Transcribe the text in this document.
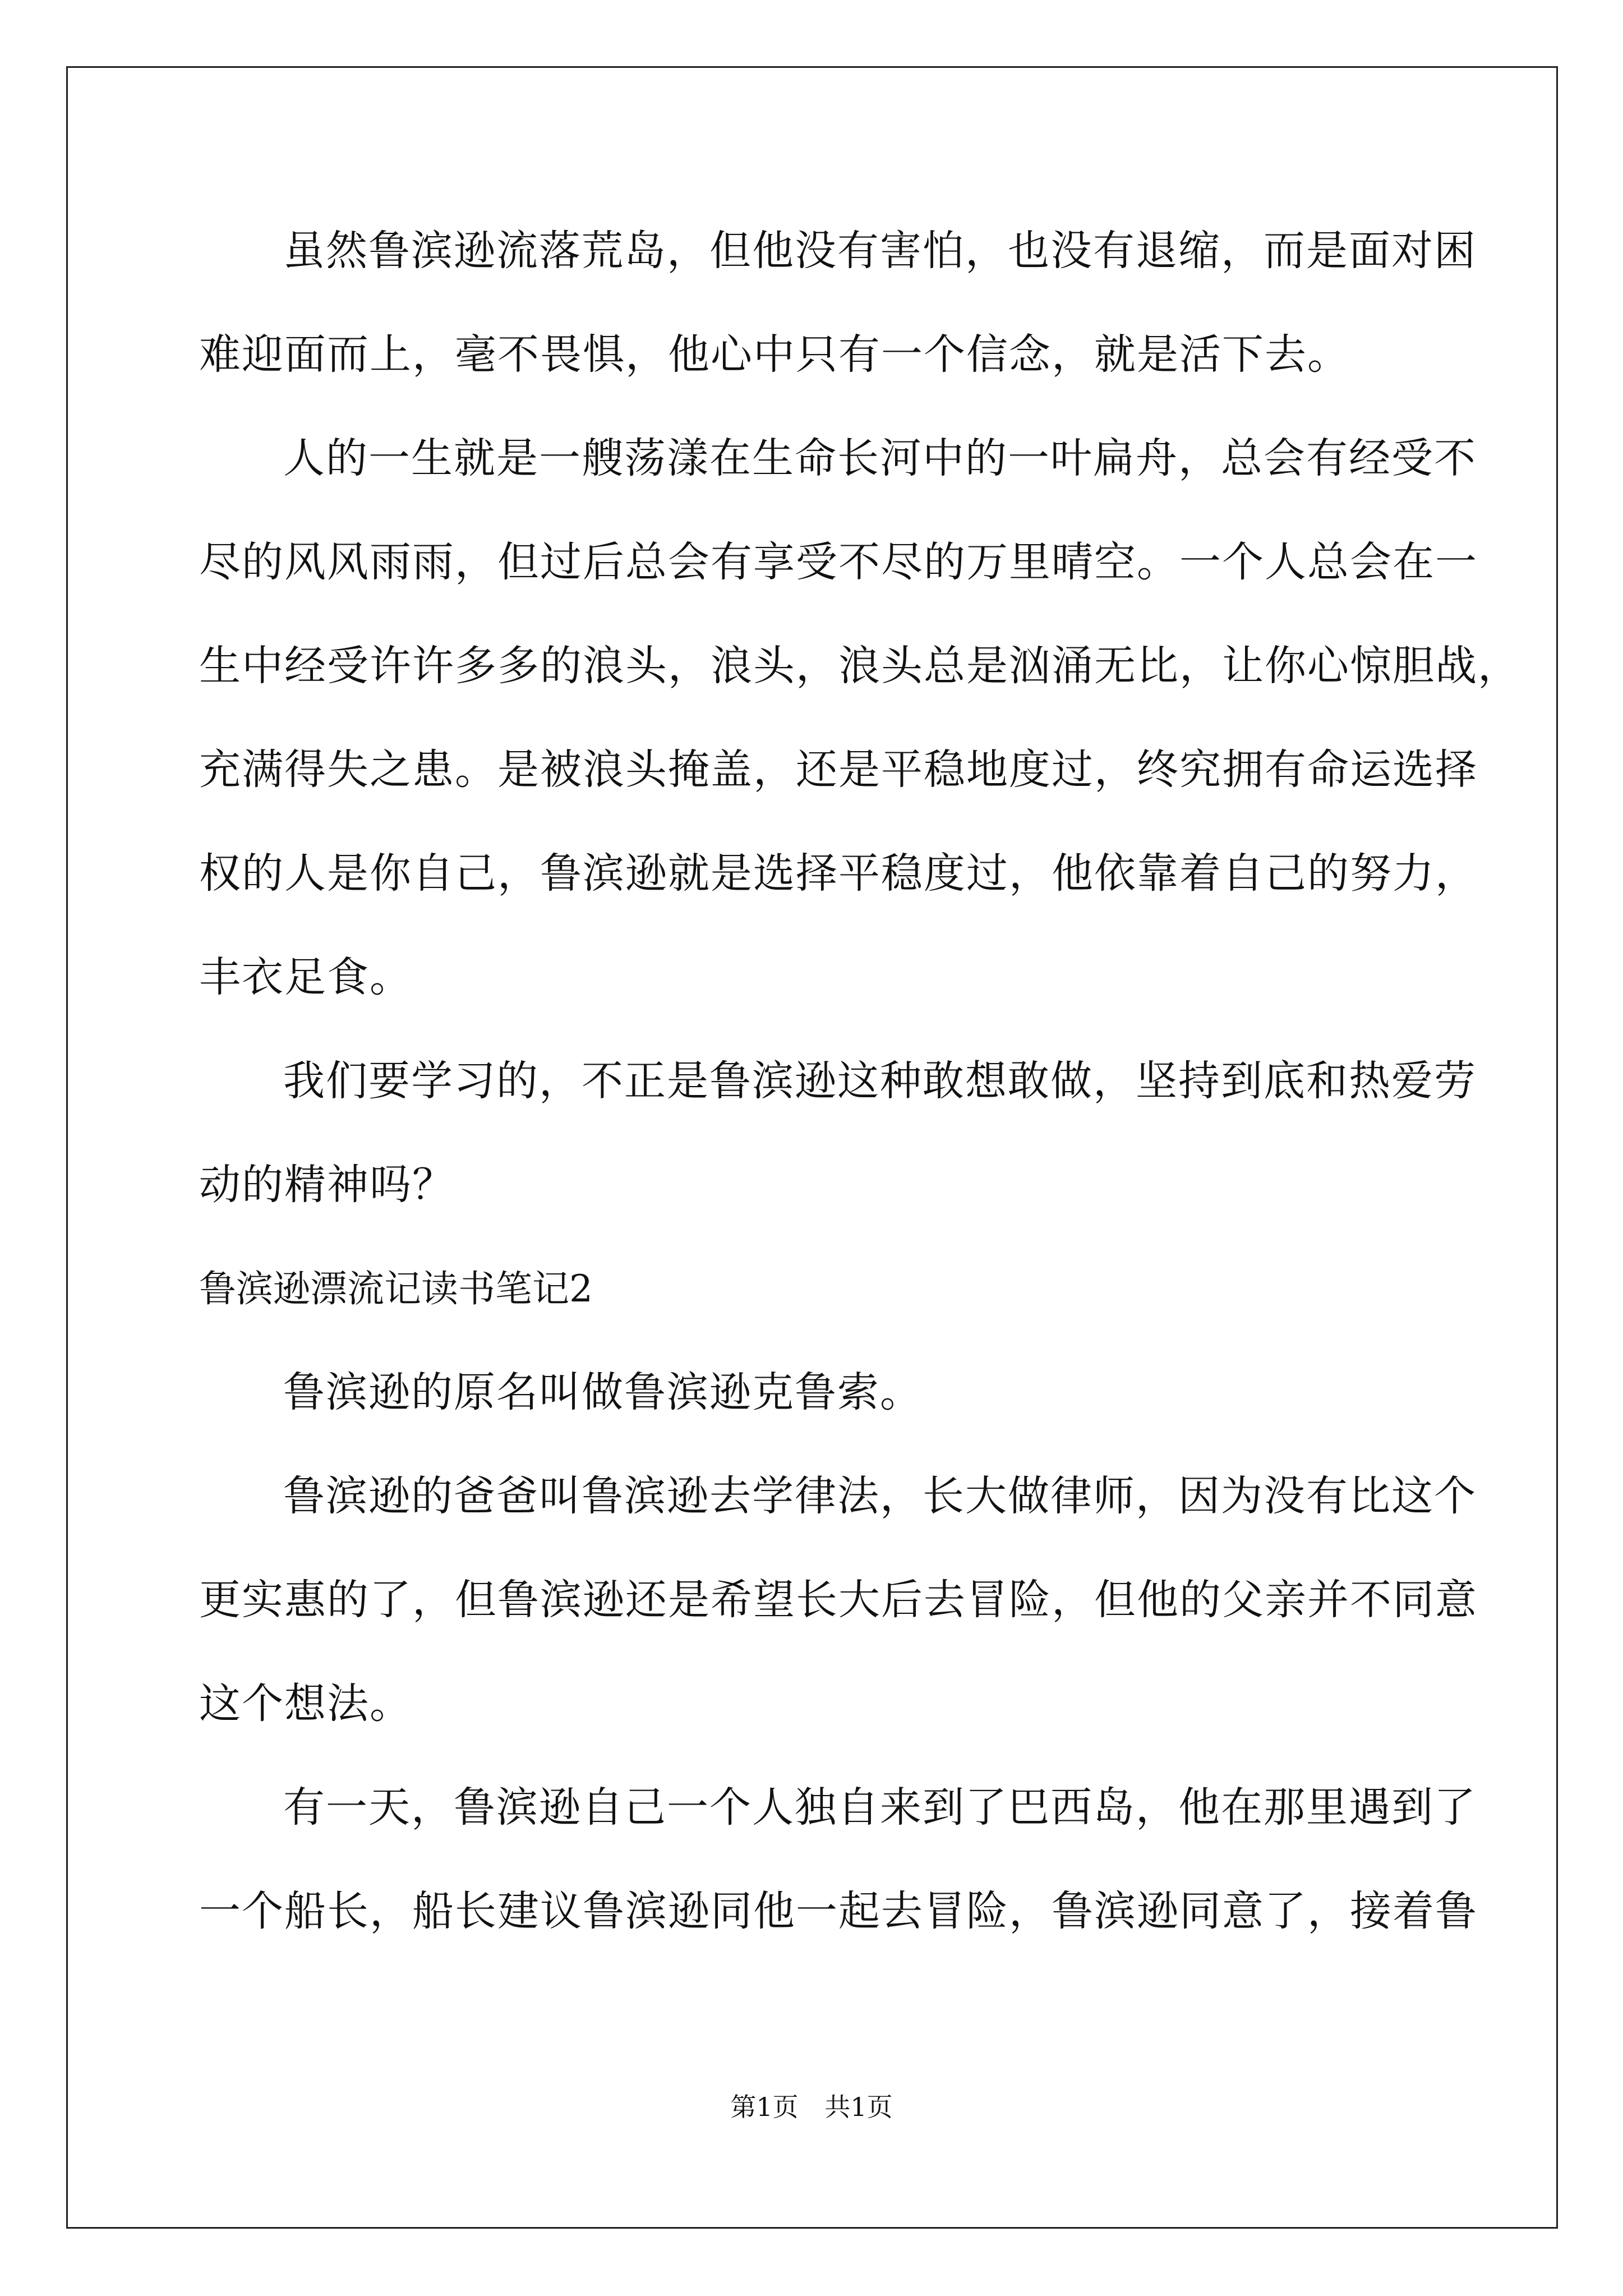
虽然鲁滨逊流落荒岛，但他没有害怕，也没有退缩，而是面对困

难迎面而上，毫不畏惧，他心中只有一个信念，就是活下去。

人的一生就是一艘荡漾在生命长河中的一叶扁舟，总会有经受不

尽的风风雨雨，但过后总会有享受不尽的万里晴空。一个人总会在一

生中经受许许多多的浪头，浪头，浪头总是汹涌无比，让你心惊胆战，

充满得失之患。是被浪头掩盖，还是平稳地度过，终究拥有命运选择

权的人是你自己，鲁滨逊就是选择平稳度过，他依靠着自己的努力，

丰衣足食。

我们要学习的，不正是鲁滨逊这种敢想敢做，坚持到底和热爱劳

动的精神吗？

鲁滨逊漂流记读书笔记2

鲁滨逊的原名叫做鲁滨逊克鲁索。

鲁滨逊的爸爸叫鲁滨逊去学律法，长大做律师，因为没有比这个

更实惠的了，但鲁滨逊还是希望长大后去冒险，但他的父亲并不同意

这个想法。

有一天，鲁滨逊自己一个人独自来到了巴西岛，他在那里遇到了

一个船长，船长建议鲁滨逊同他一起去冒险，鲁滨逊同意了，接着鲁

第1页 共1页
